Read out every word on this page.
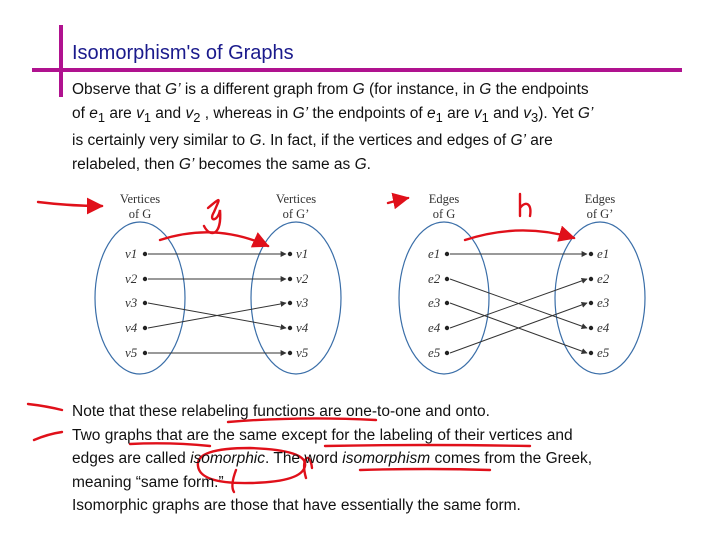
Isomorphism's of Graphs
Observe that G’ is a different graph from G (for instance, in G the endpoints
of $e_1$ are $v_1$ and $v_2$ , whereas in G’ the endpoints of $e_1$ are $v_1$ and $v_3$). Yet G’
is certainly very similar to G. In fact, if the vertices and edges of G’ are
relabeled, then G’ becomes the same as G.
Vertices
of G
Vertices
of G’
Edges
of G
Edges
of G’
v1
v2
v3
v4
v5
v1
v2
v3
v4
v5
e1
e2
e3
e4
e5
e1
e2
e3
e4
e5
g	h
Note that these relabeling functions are one-to-one and onto.
Two graphs that are the same except for the labeling of their vertices and
edges are called isomorphic. The word isomorphism comes from the Greek,
meaning “same form.”
Isomorphic graphs are those that have essentially the same form.
